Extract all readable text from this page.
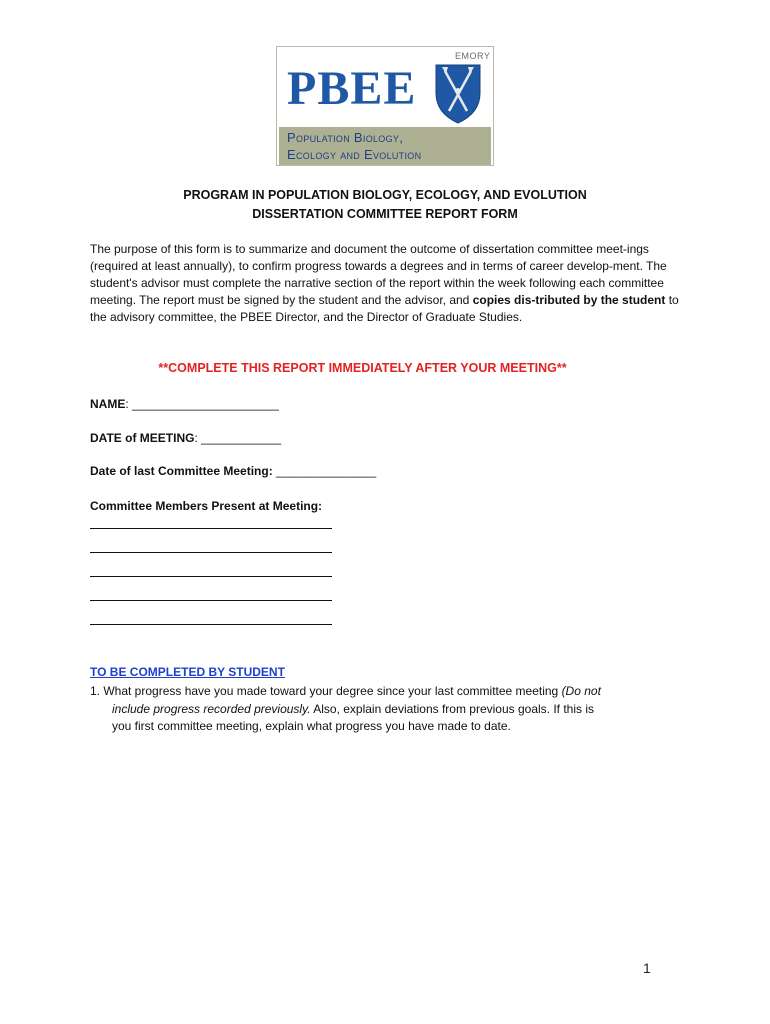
PBEE
EMORY
Population Biology,
Ecology and Evolution
PROGRAM IN POPULATION BIOLOGY, ECOLOGY, AND EVOLUTION
DISSERTATION COMMITTEE REPORT FORM
The purpose of this form is to summarize and document the outcome of dissertation committee meet-ings (required at least annually), to confirm progress towards a degrees and in terms of career develop-ment. The student's advisor must complete the narrative section of the report within the week following each committee meeting. The report must be signed by the student and the advisor, and copies dis-tributed by the student to the advisory committee, the PBEE Director, and the Director of Graduate Studies.
**COMPLETE THIS REPORT IMMEDIATELY AFTER YOUR MEETING**
NAME: ______________________
DATE of MEETING: ____________
Date of last Committee Meeting: _______________
Committee Members Present at Meeting:
TO BE COMPLETED BY STUDENT
1. What progress have you made toward your degree since your last committee meeting (Do not
include progress recorded previously. Also, explain deviations from previous goals. If this is
you first committee meeting, explain what progress you have made to date.
1
